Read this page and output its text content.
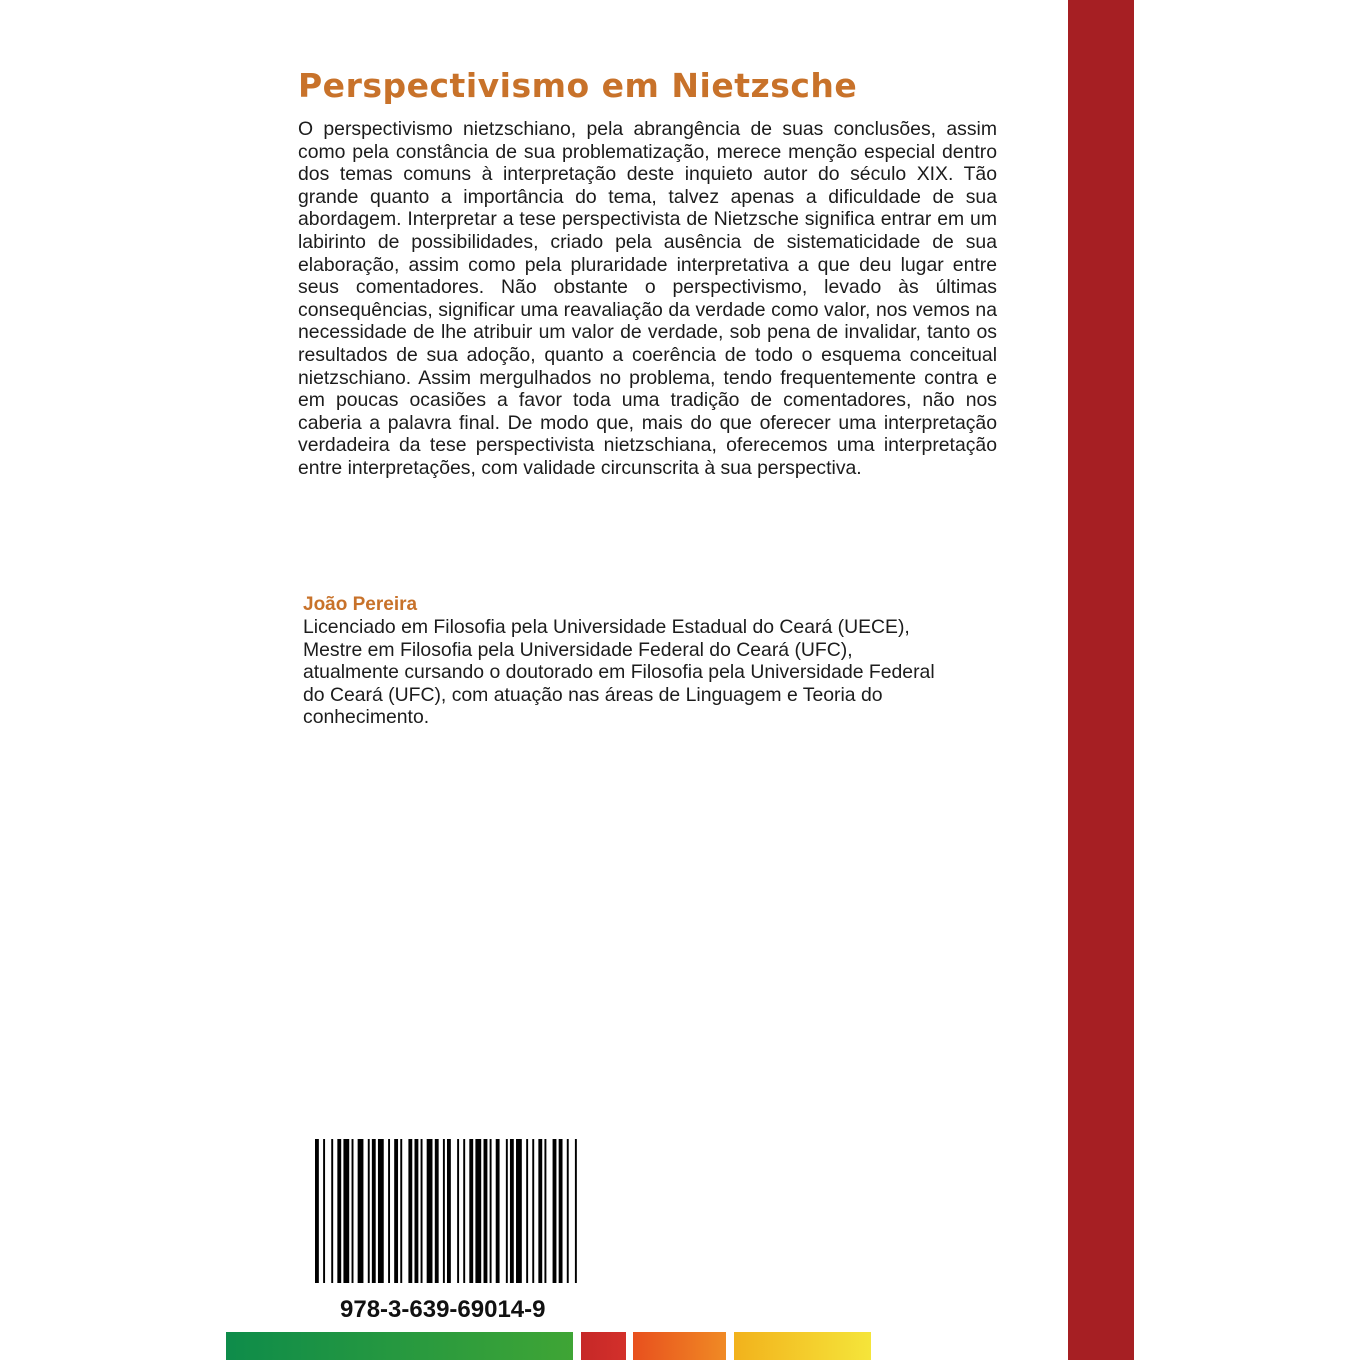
Perspectivismo em Nietzsche

O perspectivismo nietzschiano, pela abrangência de suas conclusões, assim como pela constância de sua problematização, merece menção especial dentro dos temas comuns à interpretação deste inquieto autor do século XIX. Tão grande quanto a importância do tema, talvez apenas a dificuldade de sua abordagem. Interpretar a tese perspectivista de Nietzsche significa entrar em um labirinto de possibilidades, criado pela ausência de sistematicidade de sua elaboração, assim como pela pluraridade interpretativa a que deu lugar entre seus comentadores. Não obstante o perspectivismo, levado às últimas consequências, significar uma reavaliação da verdade como valor, nos vemos na necessidade de lhe atribuir um valor de verdade, sob pena de invalidar, tanto os resultados de sua adoção, quanto a coerência de todo o esquema conceitual nietzschiano. Assim mergulhados no problema, tendo frequentemente contra e em poucas ocasiões a favor toda uma tradição de comentadores, não nos caberia a palavra final. De modo que, mais do que oferecer uma interpretação verdadeira da tese perspectivista nietzschiana, oferecemos uma interpretação entre interpretações, com validade circunscrita à sua perspectiva.

João Pereira
Licenciado em Filosofia pela Universidade Estadual do Ceará (UECE),
Mestre em Filosofia pela Universidade Federal do Ceará (UFC),
atualmente cursando o doutorado em Filosofia pela Universidade Federal
do Ceará (UFC), com atuação nas áreas de Linguagem e Teoria do
conhecimento.
978-3-639-69014-9
